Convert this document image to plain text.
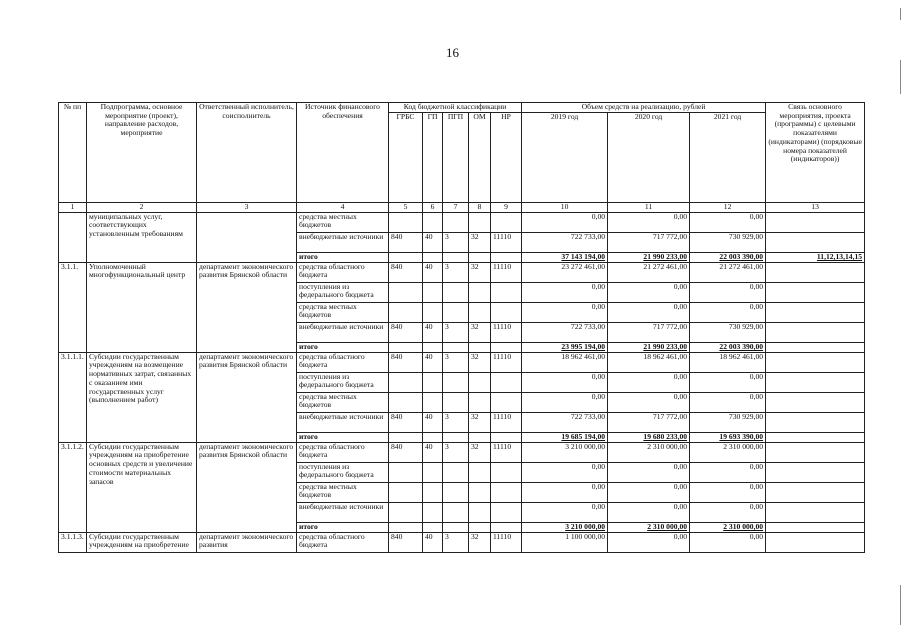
16
№ пп	Подпрограмма, основное мероприятие (проект), направление расходов, мероприятие	Ответственный исполнитель, соисполнитель	Источник финансового обеспечения	Код бюджетной классификации					Объем средств на реализацию, рублей			Связь основного мероприятия, проекта (программы) с целевыми показателями (индикаторами) (порядковые номера показателей (индикаторов))
				ГРБС	ГП	ПГП	ОМ	НР	2019 год	2020 год	2021 год	
1	2	3	4	5	6	7	8	9	10	11	12	13
	муниципальных услуг, соответствующих установленным требованиям		средства местных бюджетов						0,00	0,00	0,00	
			внебюджетные источники	840	40	3	32	11110	722 733,00	717 772,00	730 929,00	
			итого						37 143 194,00	21 990 233,00	22 003 390,00	11,12,13,14,15
3.1.1.	Уполномоченный многофункциональный центр	департамент экономического развития Брянской области	средства областного бюджета	840	40	3	32	11110	23 272 461,00	21 272 461,00	21 272 461,00	
			поступления из федерального бюджета						0,00	0,00	0,00	
			средства местных бюджетов						0,00	0,00	0,00	
			внебюджетные источники	840	40	3	32	11110	722 733,00	717 772,00	730 929,00	
			итого						23 995 194,00	21 990 233,00	22 003 390,00	
3.1.1.1.	Субсидии государственным учреждениям на возмещение нормативных затрат, связанных с оказанием ими государственных услуг (выполнением работ)	департамент экономического развития Брянской области	средства областного бюджета	840	40	3	32	11110	18 962 461,00	18 962 461,00	18 962 461,00	
			поступления из федерального бюджета						0,00	0,00	0,00	
			средства местных бюджетов						0,00	0,00	0,00	
			внебюджетные источники	840	40	3	32	11110	722 733,00	717 772,00	730 929,00	
			итого						19 685 194,00	19 680 233,00	19 693 390,00	
3.1.1.2.	Субсидии государственным учреждениям на приобретение основных средств и увеличение стоимости материальных запасов	департамент экономического развития Брянской области	средства областного бюджета	840	40	3	32	11110	3 210 000,00	2 310 000,00	2 310 000,00	
			поступления из федерального бюджета						0,00	0,00	0,00	
			средства местных бюджетов						0,00	0,00	0,00	
			внебюджетные источники						0,00	0,00	0,00	
			итого						3 210 000,00	2 310 000,00	2 310 000,00	
3.1.1.3.	Субсидии государственным учреждениям на приобретение	департамент экономического развития	средства областного бюджета	840	40	3	32	11110	1 100 000,00	0,00	0,00	
